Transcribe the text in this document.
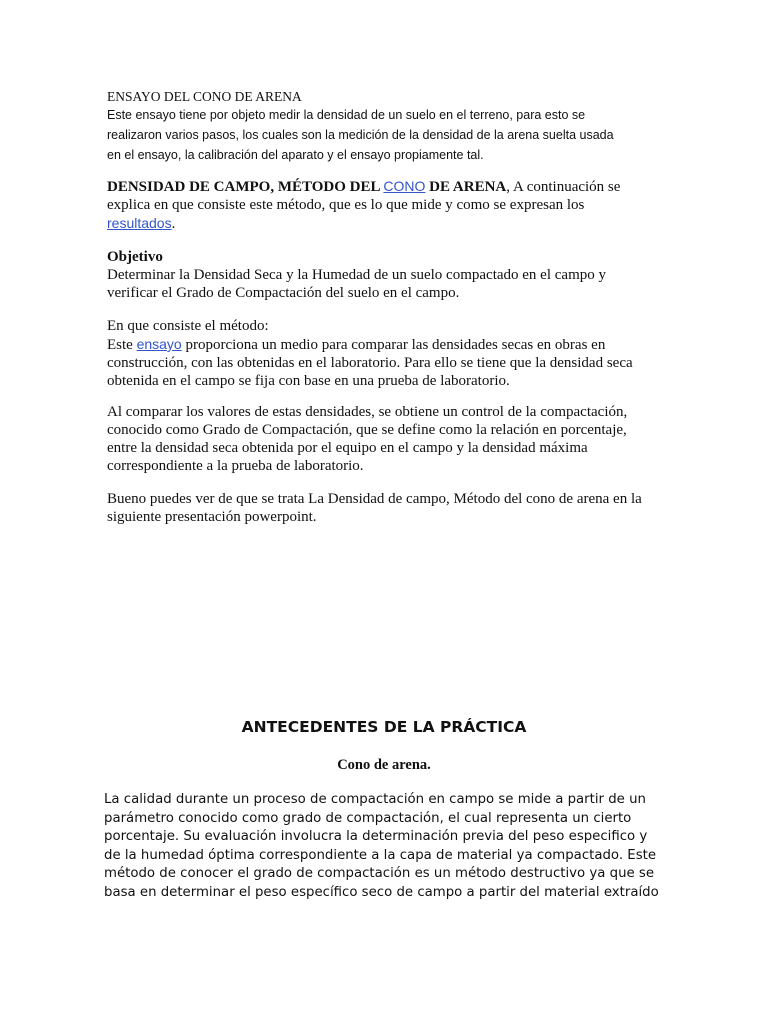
ENSAYO DEL CONO DE ARENA
Este ensayo tiene por objeto medir la densidad de un suelo en el terreno, para esto se
realizaron varios pasos, los cuales son la medición de la densidad de la arena suelta usada
en el ensayo, la calibración del aparato y el ensayo propiamente tal.
DENSIDAD DE CAMPO, MÉTODO DEL CONO DE ARENA, A continuación se
explica en que consiste este método, que es lo que mide y como se expresan los
resultados.
Objetivo
Determinar la Densidad Seca y la Humedad de un suelo compactado en el campo y
verificar el Grado de Compactación del suelo en el campo.
En que consiste el método:
Este ensayo proporciona un medio para comparar las densidades secas en obras en
construcción, con las obtenidas en el laboratorio. Para ello se tiene que la densidad seca
obtenida en el campo se fija con base en una prueba de laboratorio.
Al comparar los valores de estas densidades, se obtiene un control de la compactación,
conocido como Grado de Compactación, que se define como la relación en porcentaje,
entre la densidad seca obtenida por el equipo en el campo y la densidad máxima
correspondiente a la prueba de laboratorio.
Bueno puedes ver de que se trata La Densidad de campo, Método del cono de arena en la
siguiente presentación powerpoint.
ANTECEDENTES DE LA PRÁCTICA
Cono de arena.
La calidad durante un proceso de compactación en campo se mide a partir de un
parámetro conocido como grado de compactación, el cual representa un cierto
porcentaje. Su evaluación involucra la determinación previa del peso especifico y
de la humedad óptima correspondiente a la capa de material ya compactado. Este
método de conocer el grado de compactación es un método destructivo ya que se
basa en determinar el peso específico seco de campo a partir del material extraído
